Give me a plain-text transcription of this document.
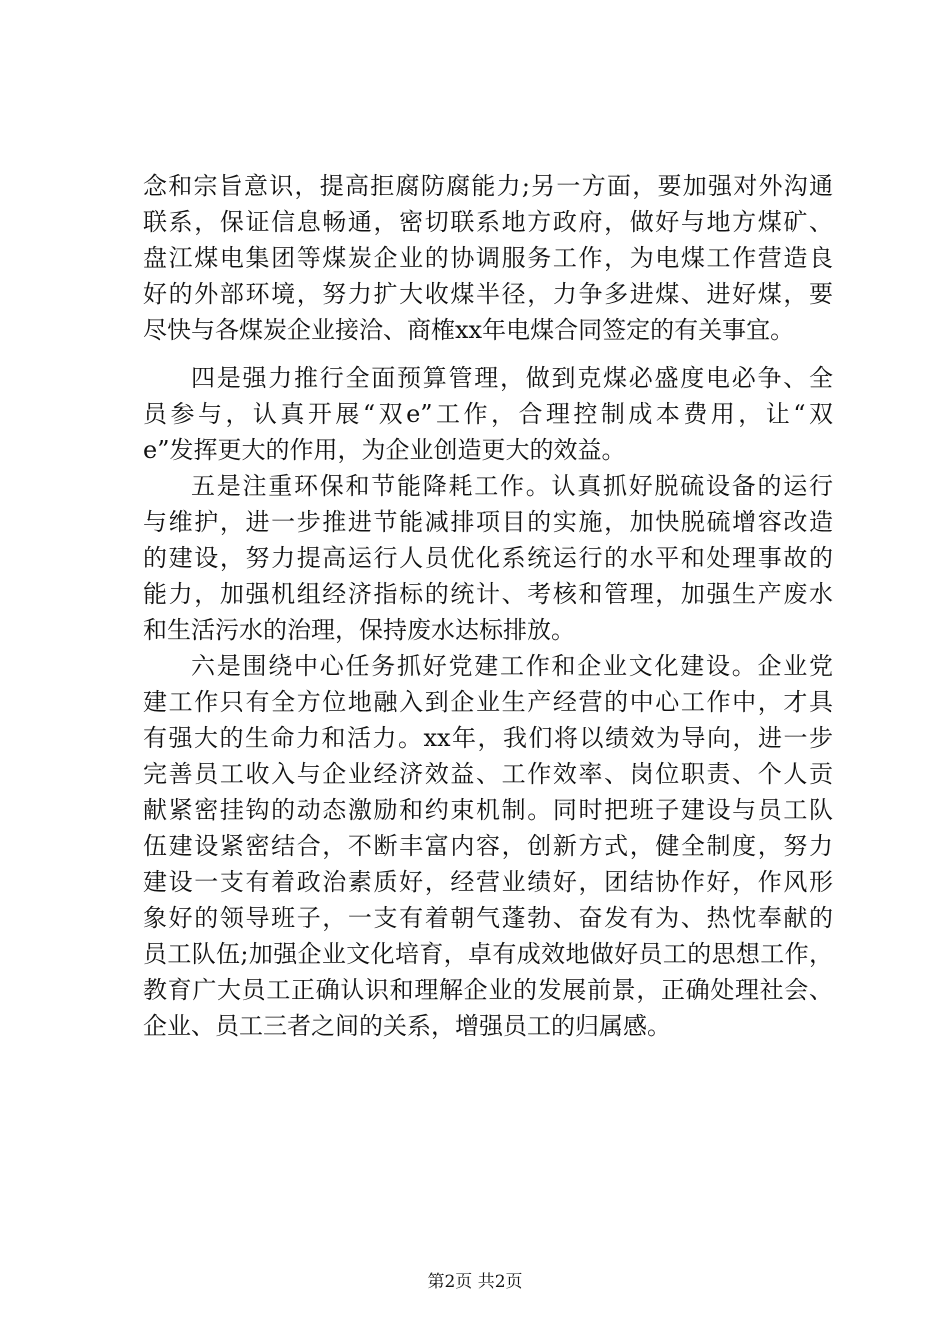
念和宗旨意识，提高拒腐防腐能力;另一方面，要加强对外沟通
联系，保证信息畅通，密切联系地方政府，做好与地方煤矿、
盘江煤电集团等煤炭企业的协调服务工作，为电煤工作营造良
好的外部环境，努力扩大收煤半径，力争多进煤、进好煤，要
尽快与各煤炭企业接洽、商榷xx年电煤合同签定的有关事宜。
四是强力推行全面预算管理，做到克煤必盛度电必争、全
员参与，认真开展“双e”工作，合理控制成本费用，让“双
e”发挥更大的作用，为企业创造更大的效益。
五是注重环保和节能降耗工作。认真抓好脱硫设备的运行
与维护，进一步推进节能减排项目的实施，加快脱硫增容改造
的建设，努力提高运行人员优化系统运行的水平和处理事故的
能力，加强机组经济指标的统计、考核和管理，加强生产废水
和生活污水的治理，保持废水达标排放。
六是围绕中心任务抓好党建工作和企业文化建设。企业党
建工作只有全方位地融入到企业生产经营的中心工作中，才具
有强大的生命力和活力。xx年，我们将以绩效为导向，进一步
完善员工收入与企业经济效益、工作效率、岗位职责、个人贡
献紧密挂钩的动态激励和约束机制。同时把班子建设与员工队
伍建设紧密结合，不断丰富内容，创新方式，健全制度，努力
建设一支有着政治素质好，经营业绩好，团结协作好，作风形
象好的领导班子，一支有着朝气蓬勃、奋发有为、热忱奉献的
员工队伍;加强企业文化培育，卓有成效地做好员工的思想工作，
教育广大员工正确认识和理解企业的发展前景，正确处理社会、
企业、员工三者之间的关系，增强员工的归属感。
第2页 共2页
